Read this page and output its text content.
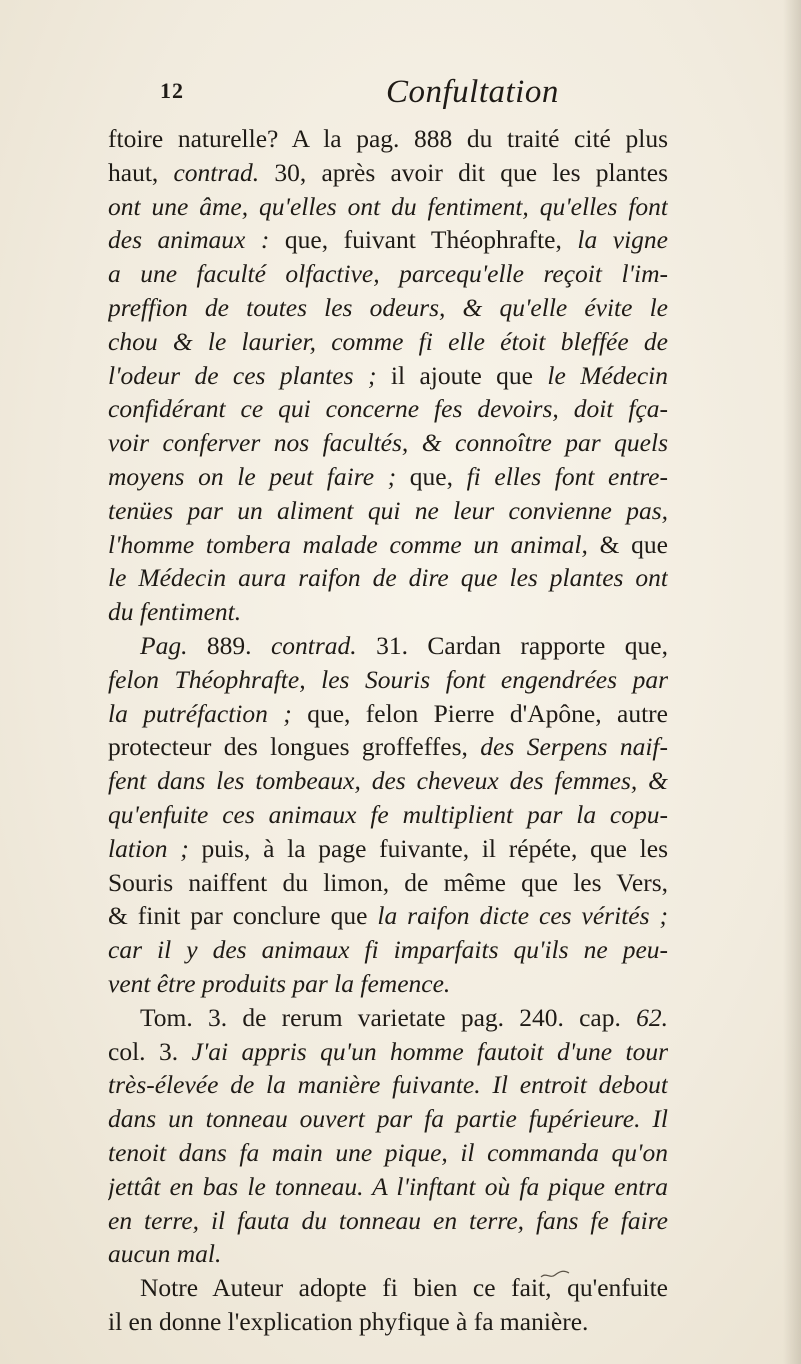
12	Confultation
ftoire naturelle? A la pag. 888 du traité cité plus
haut, contrad. 30, après avoir dit que les plantes
ont une âme, qu'elles ont du fentiment, qu'elles font
des animaux : que, fuivant Théophrafte, la vigne
a une faculté olfactive, parcequ'elle reçoit l'im-
preffion de toutes les odeurs, & qu'elle évite le
chou & le laurier, comme fi elle étoit bleffée de
l'odeur de ces plantes ; il ajoute que le Médecin
confidérant ce qui concerne fes devoirs, doit fça-
voir conferver nos facultés, & connoître par quels
moyens on le peut faire ; que, fi elles font entre-
tenües par un aliment qui ne leur convienne pas,
l'homme tombera malade comme un animal, & que
le Médecin aura raifon de dire que les plantes ont
du fentiment.
Pag. 889. contrad. 31. Cardan rapporte que,
felon Théophrafte, les Souris font engendrées par
la putréfaction ; que, felon Pierre d'Apône, autre
protecteur des longues groffeffes, des Serpens naif-
fent dans les tombeaux, des cheveux des femmes, &
qu'enfuite ces animaux fe multiplient par la copu-
lation ; puis, à la page fuivante, il répéte, que les
Souris naiffent du limon, de même que les Vers,
& finit par conclure que la raifon dicte ces vérités ;
car il y des animaux fi imparfaits qu'ils ne peu-
vent être produits par la femence.
Tom. 3. de rerum varietate pag. 240. cap. 62.
col. 3. J'ai appris qu'un homme fautoit d'une tour
très-élevée de la manière fuivante. Il entroit debout
dans un tonneau ouvert par fa partie fupérieure. Il
tenoit dans fa main une pique, il commanda qu'on
jettât en bas le tonneau. A l'inftant où fa pique entra
en terre, il fauta du tonneau en terre, fans fe faire
aucun mal.
Notre Auteur adopte fi bien ce fait, qu'enfuite
il en donne l'explication phyfique à fa manière.
